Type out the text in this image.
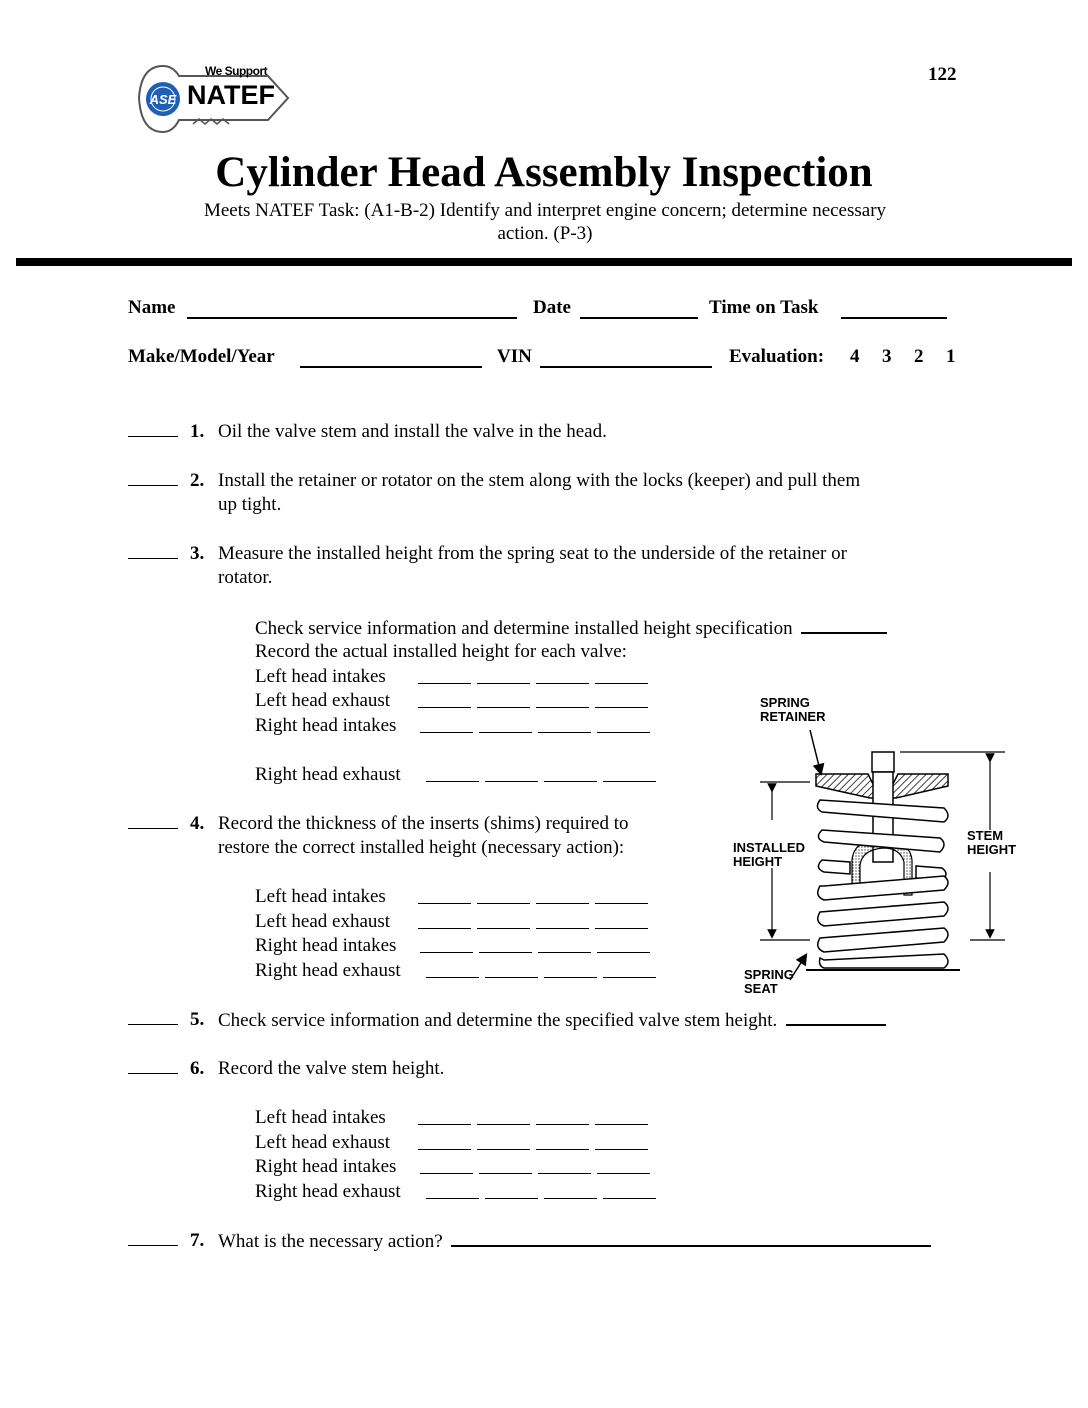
ASE
We Support
NATEF
122
Cylinder Head Assembly Inspection
Meets NATEF Task: (A1-B-2) Identify and interpret engine concern; determine necessary
action. (P-3)
Name	Date	Time on Task
Make/Model/Year	VIN	Evaluation: 4 3 2 1
1. Oil the valve stem and install the valve in the head.
2. Install the retainer or rotator on the stem along with the locks (keeper) and pull them
up tight.
3. Measure the installed height from the spring seat to the underside of the retainer or
rotator.
Check service information and determine installed height specification
Record the actual installed height for each valve:
Left head intakes
Left head exhaust
Right head intakes
Right head exhaust
4. Record the thickness of the inserts (shims) required to
restore the correct installed height (necessary action):
Left head intakes
Left head exhaust
Right head intakes
Right head exhaust
5. Check service information and determine the specified valve stem height.
6. Record the valve stem height.
Left head intakes
Left head exhaust
Right head intakes
Right head exhaust
7. What is the necessary action?
SPRING
RETAINER
INSTALLED
HEIGHT
STEM
HEIGHT
SPRING
SEAT
